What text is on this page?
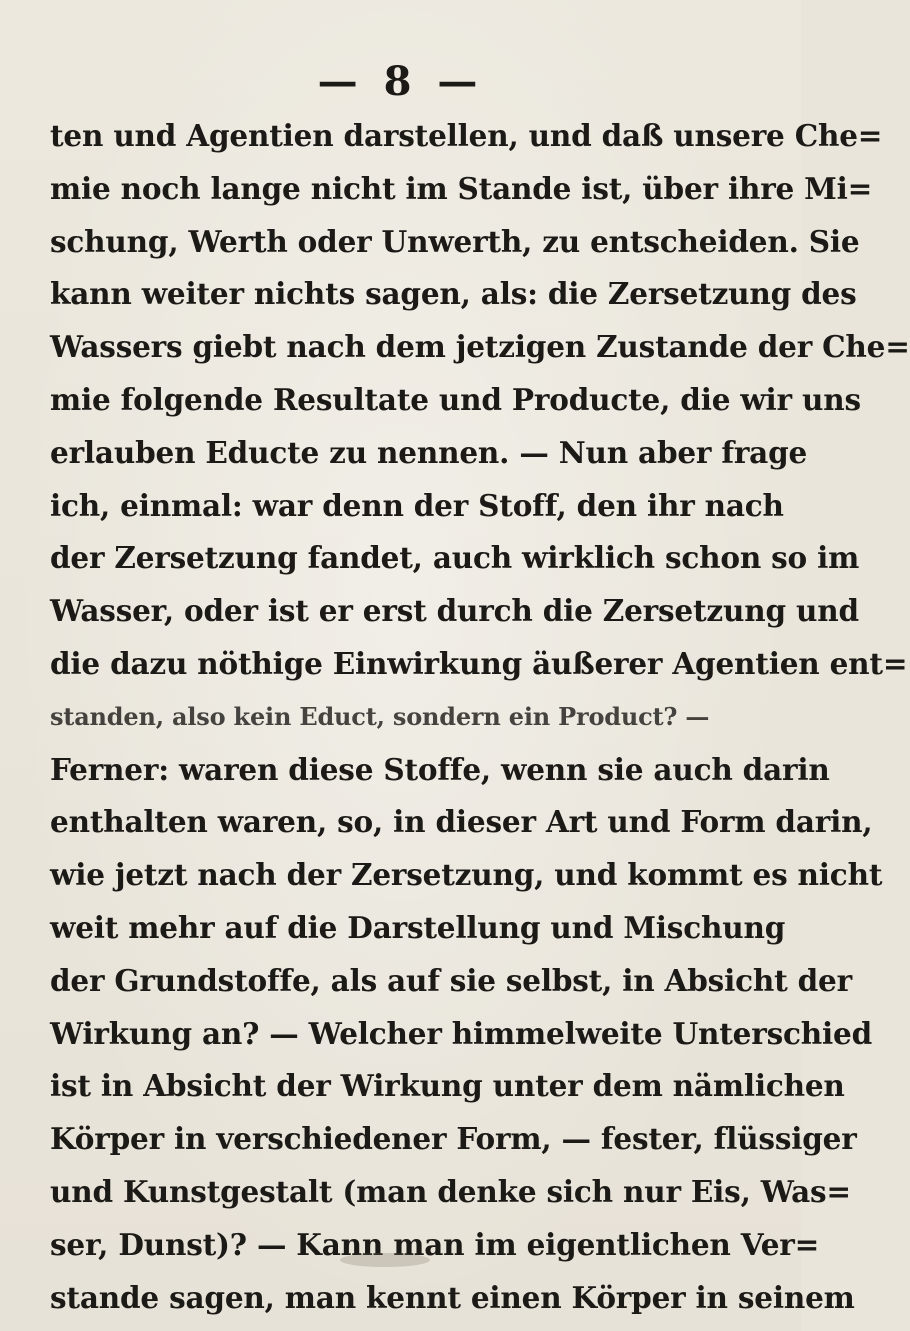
— 8 —
ten und Agentien darstellen, und daß unsere Che=
mie noch lange nicht im Stande ist, über ihre Mi=
schung, Werth oder Unwerth, zu entscheiden. Sie
kann weiter nichts sagen, als: die Zersetzung des
Wassers giebt nach dem jetzigen Zustande der Che=
mie folgende Resultate und Producte, die wir uns
erlauben Educte zu nennen. — Nun aber frage
ich, einmal: war denn der Stoff, den ihr nach
der Zersetzung fandet, auch wirklich schon so im
Wasser, oder ist er erst durch die Zersetzung und
die dazu nöthige Einwirkung äußerer Agentien ent=
standen, also kein Educt, sondern ein Product? —
Ferner: waren diese Stoffe, wenn sie auch darin
enthalten waren, so, in dieser Art und Form darin,
wie jetzt nach der Zersetzung, und kommt es nicht
weit mehr auf die Darstellung und Mischung
der Grundstoffe, als auf sie selbst, in Absicht der
Wirkung an? — Welcher himmelweite Unterschied
ist in Absicht der Wirkung unter dem nämlichen
Körper in verschiedener Form, — fester, flüssiger
und Kunstgestalt (man denke sich nur Eis, Was=
ser, Dunst)? — Kann man im eigentlichen Ver=
stande sagen, man kennt einen Körper in seinem
